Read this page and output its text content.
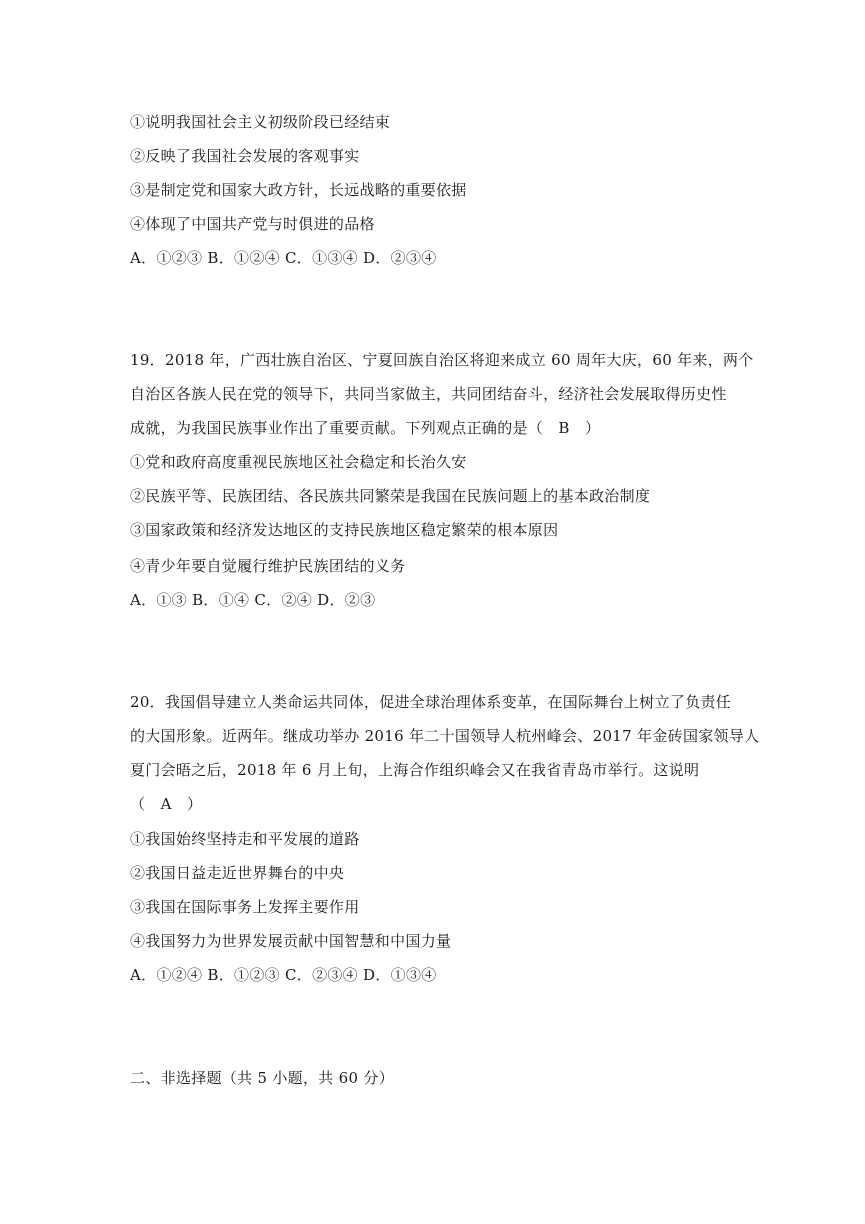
①说明我国社会主义初级阶段已经结束
②反映了我国社会发展的客观事实
③是制定党和国家大政方针，长远战略的重要依据
④体现了中国共产党与时俱进的品格
A．①②③ B．①②④ C．①③④ D．②③④
19．2018 年，广西壮族自治区、宁夏回族自治区将迎来成立 60 周年大庆，60 年来，两个
自治区各族人民在党的领导下，共同当家做主，共同团结奋斗，经济社会发展取得历史性
成就，为我国民族事业作出了重要贡献。下列观点正确的是（　B　）
①党和政府高度重视民族地区社会稳定和长治久安
②民族平等、民族团结、各民族共同繁荣是我国在民族问题上的基本政治制度
③国家政策和经济发达地区的支持民族地区稳定繁荣的根本原因
④青少年要自觉履行维护民族团结的义务
A．①③ B．①④ C．②④ D．②③
20．我国倡导建立人类命运共同体，促进全球治理体系变革，在国际舞台上树立了负责任
的大国形象。近两年。继成功举办 2016 年二十国领导人杭州峰会、2017 年金砖国家领导人
夏门会晤之后，2018 年 6 月上旬，上海合作组织峰会又在我省青岛市举行。这说明
（　A　）
①我国始终坚持走和平发展的道路
②我国日益走近世界舞台的中央
③我国在国际事务上发挥主要作用
④我国努力为世界发展贡献中国智慧和中国力量
A．①②④ B．①②③ C．②③④ D．①③④
二、非选择题（共 5 小题，共 60 分）
